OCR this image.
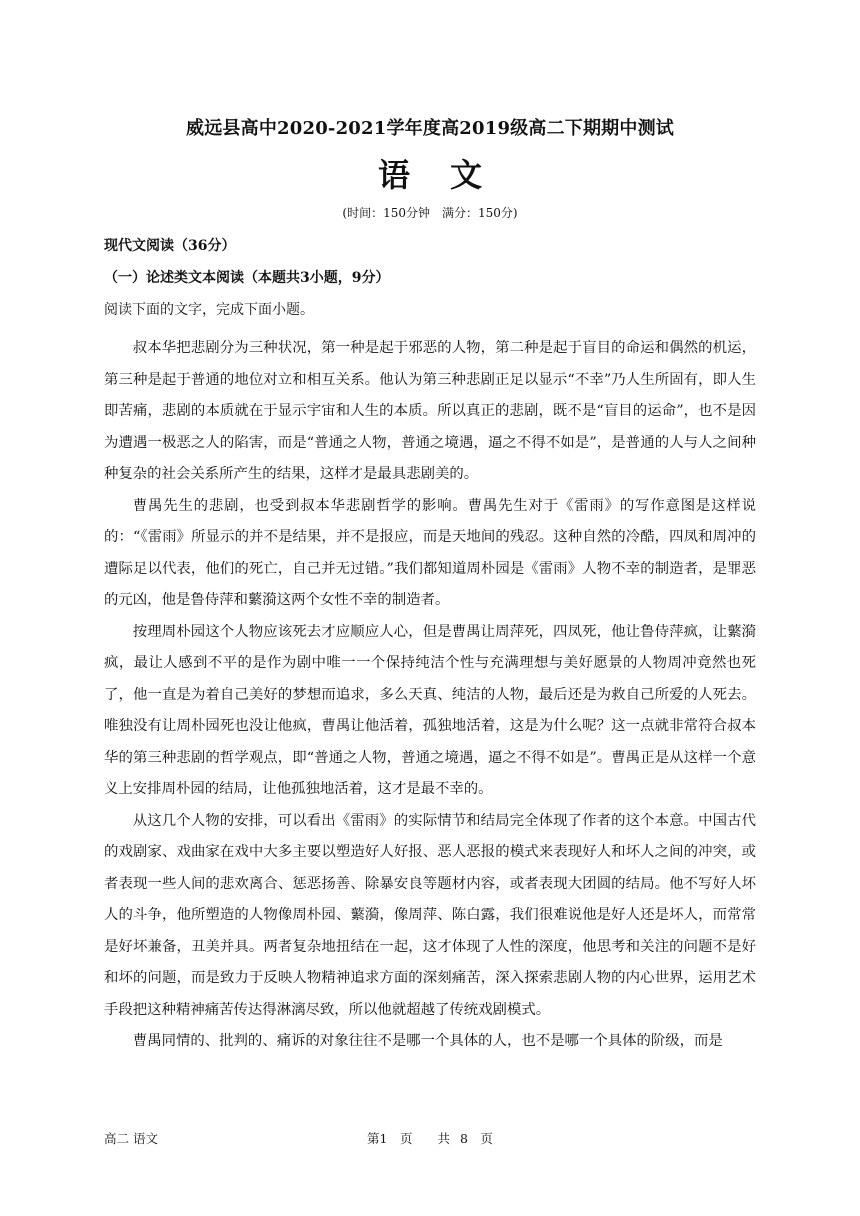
威远县高中2020-2021学年度高2019级高二下期期中测试
语文
(时间：150分钟　满分：150分)
现代文阅读（36分）
（一）论述类文本阅读（本题共3小题，9分）
阅读下面的文字，完成下面小题。

叔本华把悲剧分为三种状况，第一种是起于邪恶的人物，第二种是起于盲目的命运和偶然的机运，第三种是起于普通的地位对立和相互关系。他认为第三种悲剧正足以显示“不幸”乃人生所固有，即人生即苦痛，悲剧的本质就在于显示宇宙和人生的本质。所以真正的悲剧，既不是“盲目的运命”，也不是因为遭遇一极恶之人的陷害，而是“普通之人物，普通之境遇，逼之不得不如是”，是普通的人与人之间种种复杂的社会关系所产生的结果，这样才是最具悲剧美的。

曹禺先生的悲剧，也受到叔本华悲剧哲学的影响。曹禺先生对于《雷雨》的写作意图是这样说的：“《雷雨》所显示的并不是结果，并不是报应，而是天地间的残忍。这种自然的冷酷，四凤和周冲的遭际足以代表，他们的死亡，自己并无过错。”我们都知道周朴园是《雷雨》人物不幸的制造者，是罪恶的元凶，他是鲁侍萍和蘩漪这两个女性不幸的制造者。

按理周朴园这个人物应该死去才应顺应人心，但是曹禺让周萍死，四凤死，他让鲁侍萍疯，让蘩漪疯，最让人感到不平的是作为剧中唯一一个保持纯洁个性与充满理想与美好愿景的人物周冲竟然也死了，他一直是为着自己美好的梦想而追求，多么天真、纯洁的人物，最后还是为救自己所爱的人死去。唯独没有让周朴园死也没让他疯，曹禺让他活着，孤独地活着，这是为什么呢？这一点就非常符合叔本华的第三种悲剧的哲学观点，即“普通之人物，普通之境遇，逼之不得不如是”。曹禺正是从这样一个意义上安排周朴园的结局，让他孤独地活着，这才是最不幸的。

从这几个人物的安排，可以看出《雷雨》的实际情节和结局完全体现了作者的这个本意。中国古代的戏剧家、戏曲家在戏中大多主要以塑造好人好报、恶人恶报的模式来表现好人和坏人之间的冲突，或者表现一些人间的悲欢离合、惩恶扬善、除暴安良等题材内容，或者表现大团圆的结局。他不写好人坏人的斗争，他所塑造的人物像周朴园、蘩漪，像周萍、陈白露，我们很难说他是好人还是坏人，而常常是好坏兼备，丑美并具。两者复杂地扭结在一起，这才体现了人性的深度，他思考和关注的问题不是好和坏的问题，而是致力于反映人物精神追求方面的深刻痛苦，深入探索悲剧人物的内心世界，运用艺术手段把这种精神痛苦传达得淋漓尽致，所以他就超越了传统戏剧模式。

曹禺同情的、批判的、痛诉的对象往往不是哪一个具体的人，也不是哪一个具体的阶级，而是

高二 语文	第1　页　　共 8　页
